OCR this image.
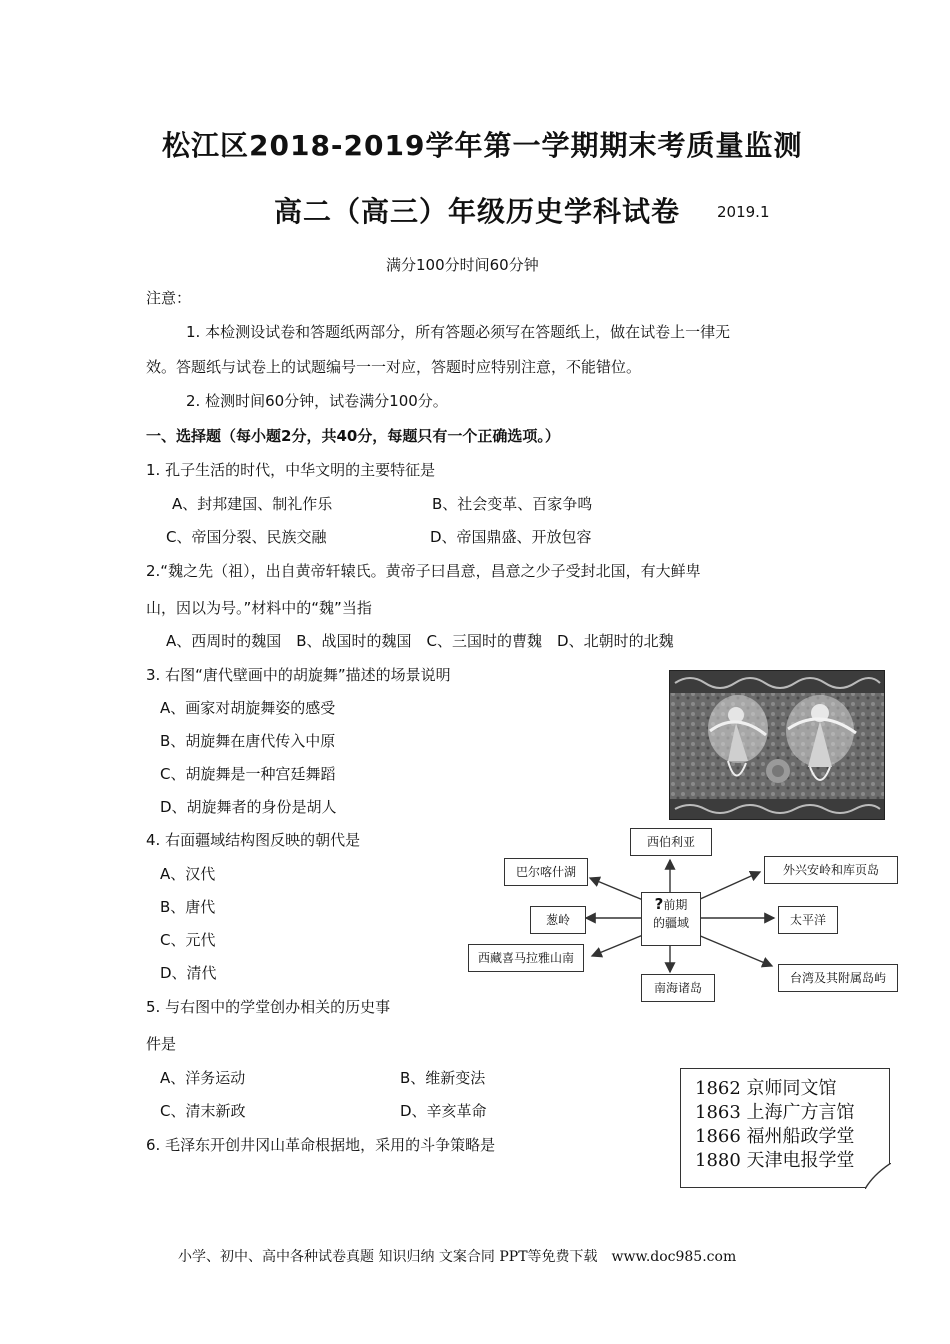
松江区2018-2019学年第一学期期末考质量监测
高二（高三）年级历史学科试卷 2019.1
满分100分时间60分钟
注意：
1. 本检测设试卷和答题纸两部分，所有答题必须写在答题纸上，做在试卷上一律无
效。答题纸与试卷上的试题编号一一对应，答题时应特别注意，不能错位。
2. 检测时间60分钟，试卷满分100分。
一、选择题（每小题2分，共40分，每题只有一个正确选项。）
1. 孔子生活的时代，中华文明的主要特征是
A、封邦建国、制礼作乐	B、社会变革、百家争鸣
C、帝国分裂、民族交融	D、帝国鼎盛、开放包容
2.“魏之先（祖），出自黄帝轩辕氏。黄帝子曰昌意，昌意之少子受封北国，有大鲜卑
山，因以为号。”材料中的“魏”当指
A、西周时的魏国　B、战国时的魏国　C、三国时的曹魏　D、北朝时的北魏
3. 右图“唐代壁画中的胡旋舞”描述的场景说明
A、画家对胡旋舞姿的感受
B、胡旋舞在唐代传入中原
C、胡旋舞是一种宫廷舞蹈
D、胡旋舞者的身份是胡人
4. 右面疆域结构图反映的朝代是
A、汉代
B、唐代
C、元代
D、清代
?前期
的疆域
西伯利亚
巴尔喀什湖
葱岭
西藏喜马拉雅山南
南海诸岛
外兴安岭和库页岛
太平洋
台湾及其附属岛屿
5. 与右图中的学堂创办相关的历史事
件是
A、洋务运动	B、维新变法
C、清末新政	D、辛亥革命
1862 京师同文馆
1863 上海广方言馆
1866 福州船政学堂
1880 天津电报学堂
6. 毛泽东开创井冈山革命根据地，采用的斗争策略是
小学、初中、高中各种试卷真题 知识归纳 文案合同 PPT等免费下载　www.doc985.com
